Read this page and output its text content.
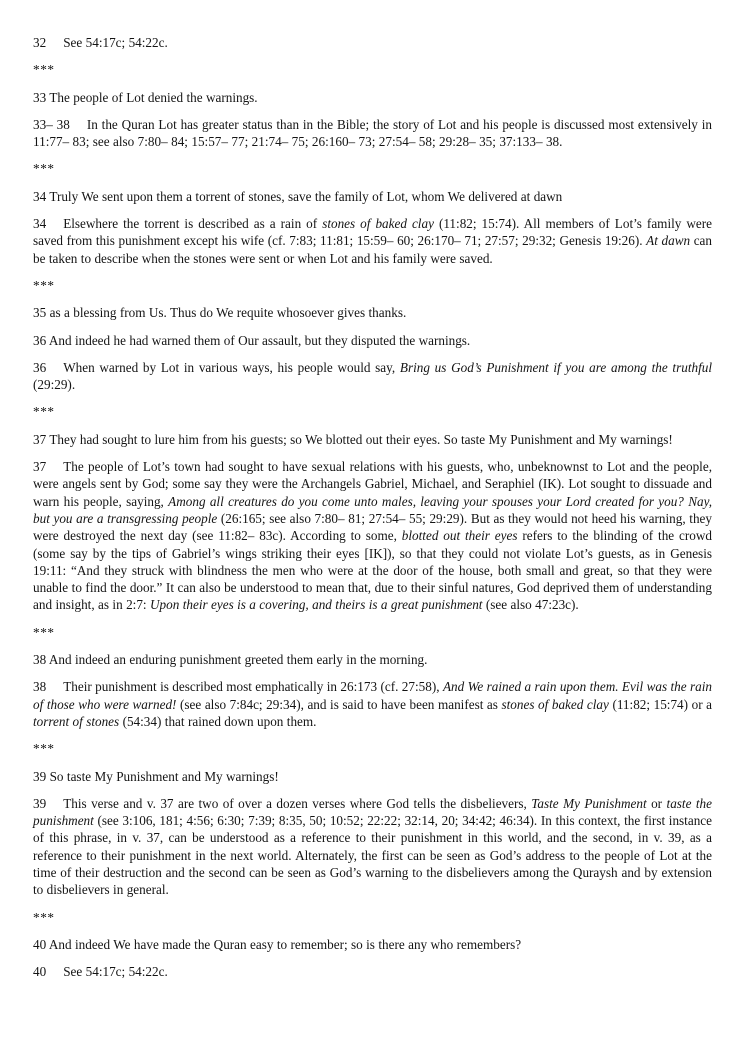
32 See 54:17c; 54:22c.

***

33 The people of Lot denied the warnings.

33– 38 In the Quran Lot has greater status than in the Bible; the story of Lot and his people is discussed most extensively in 11:77– 83; see also 7:80– 84; 15:57– 77; 21:74– 75; 26:160– 73; 27:54– 58; 29:28– 35; 37:133– 38.

***

34 Truly We sent upon them a torrent of stones, save the family of Lot, whom We delivered at dawn

34 Elsewhere the torrent is described as a rain of stones of baked clay (11:82; 15:74). All members of Lot’s family were saved from this punishment except his wife (cf. 7:83; 11:81; 15:59– 60; 26:170– 71; 27:57; 29:32; Genesis 19:26). At dawn can be taken to describe when the stones were sent or when Lot and his family were saved.

***

35 as a blessing from Us. Thus do We requite whosoever gives thanks.

36 And indeed he had warned them of Our assault, but they disputed the warnings.

36 When warned by Lot in various ways, his people would say, Bring us God’s Punishment if you are among the truthful (29:29).

***

37 They had sought to lure him from his guests; so We blotted out their eyes. So taste My Punishment and My warnings!

37 The people of Lot’s town had sought to have sexual relations with his guests, who, unbeknownst to Lot and the people, were angels sent by God; some say they were the Archangels Gabriel, Michael, and Seraphiel (IK). Lot sought to dissuade and warn his people, saying, Among all creatures do you come unto males, leaving your spouses your Lord created for you? Nay, but you are a transgressing people (26:165; see also 7:80– 81; 27:54– 55; 29:29). But as they would not heed his warning, they were destroyed the next day (see 11:82– 83c). According to some, blotted out their eyes refers to the blinding of the crowd (some say by the tips of Gabriel’s wings striking their eyes [IK]), so that they could not violate Lot’s guests, as in Genesis 19:11: “And they struck with blindness the men who were at the door of the house, both small and great, so that they were unable to find the door.” It can also be understood to mean that, due to their sinful natures, God deprived them of understanding and insight, as in 2:7: Upon their eyes is a covering, and theirs is a great punishment (see also 47:23c).

***

38 And indeed an enduring punishment greeted them early in the morning.

38 Their punishment is described most emphatically in 26:173 (cf. 27:58), And We rained a rain upon them. Evil was the rain of those who were warned! (see also 7:84c; 29:34), and is said to have been manifest as stones of baked clay (11:82; 15:74) or a torrent of stones (54:34) that rained down upon them.

***

39 So taste My Punishment and My warnings!

39 This verse and v. 37 are two of over a dozen verses where God tells the disbelievers, Taste My Punishment or taste the punishment (see 3:106, 181; 4:56; 6:30; 7:39; 8:35, 50; 10:52; 22:22; 32:14, 20; 34:42; 46:34). In this context, the first instance of this phrase, in v. 37, can be understood as a reference to their punishment in this world, and the second, in v. 39, as a reference to their punishment in the next world. Alternately, the first can be seen as God’s address to the people of Lot at the time of their destruction and the second can be seen as God’s warning to the disbelievers among the Quraysh and by extension to disbelievers in general.

***

40 And indeed We have made the Quran easy to remember; so is there any who remembers?

40 See 54:17c; 54:22c.
